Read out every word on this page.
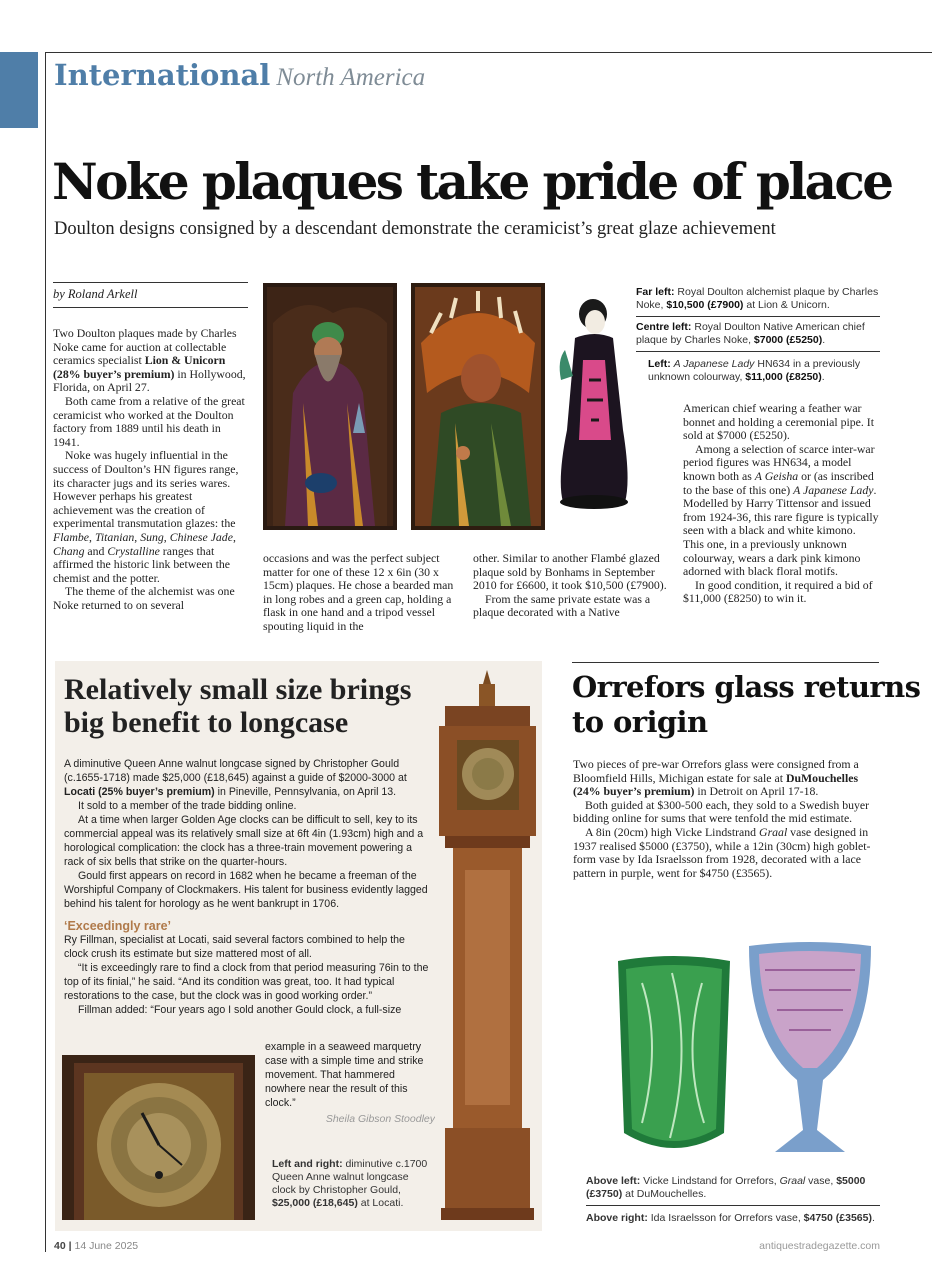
International North America
Noke plaques take pride of place
Doulton designs consigned by a descendant demonstrate the ceramicist’s great glaze achievement
by Roland Arkell

Two Doulton plaques made by Charles Noke came for auction at collectable ceramics specialist Lion & Unicorn (28% buyer’s premium) in Hollywood, Florida, on April 27.

Both came from a relative of the great ceramicist who worked at the Doulton factory from 1889 until his death in 1941.

Noke was hugely influential in the success of Doulton’s HN figures range, its character jugs and its series wares. However perhaps his greatest achievement was the creation of experimental transmutation glazes: the Flambe, Titanian, Sung, Chinese Jade, Chang and Crystalline ranges that affirmed the historic link between the chemist and the potter.

The theme of the alchemist was one Noke returned to on several

occasions and was the perfect subject matter for one of these 12 x 6in (30 x 15cm) plaques. He chose a bearded man in long robes and a green cap, holding a flask in one hand and a tripod vessel spouting liquid in the

other. Similar to another Flambé glazed plaque sold by Bonhams in September 2010 for £6600, it took $10,500 (£7900).

From the same private estate was a plaque decorated with a Native

American chief wearing a feather war bonnet and holding a ceremonial pipe. It sold at $7000 (£5250).

Among a selection of scarce inter-war period figures was HN634, a model known both as A Geisha or (as inscribed to the base of this one) A Japanese Lady. Modelled by Harry Tittensor and issued from 1924-36, this rare figure is typically seen with a black and white kimono. This one, in a previously unknown colourway, wears a dark pink kimono adorned with black floral motifs.

In good condition, it required a bid of $11,000 (£8250) to win it.

Far left: Royal Doulton alchemist plaque by Charles Noke, $10,500 (£7900) at Lion & Unicorn.
Centre left: Royal Doulton Native American chief plaque by Charles Noke, $7000 (£5250).
Left: A Japanese Lady HN634 in a previously unknown colourway, $11,000 (£8250).
Relatively small size brings big benefit to longcase

A diminutive Queen Anne walnut longcase signed by Christopher Gould (c.1655-1718) made $25,000 (£18,645) against a guide of $2000-3000 at Locati (25% buyer’s premium) in Pineville, Pennsylvania, on April 13.

It sold to a member of the trade bidding online.

At a time when larger Golden Age clocks can be difficult to sell, key to its commercial appeal was its relatively small size at 6ft 4in (1.93cm) high and a horological complication: the clock has a three-train movement powering a rack of six bells that strike on the quarter-hours.

Gould first appears on record in 1682 when he became a freeman of the Worshipful Company of Clockmakers. His talent for business evidently lagged behind his talent for horology as he went bankrupt in 1706.

‘Exceedingly rare’

Ry Fillman, specialist at Locati, said several factors combined to help the clock crush its estimate but size mattered most of all.

“It is exceedingly rare to find a clock from that period measuring 76in to the top of its finial,” he said. “And its condition was great, too. It had typical restorations to the case, but the clock was in good working order.”

Fillman added: “Four years ago I sold another Gould clock, a full-size

example in a seaweed marquetry case with a simple time and strike movement. That hammered nowhere near the result of this clock.”

Sheila Gibson Stoodley
Left and right: diminutive c.1700 Queen Anne walnut longcase clock by Christopher Gould, $25,000 (£18,645) at Locati.
Orrefors glass returns to origin

Two pieces of pre-war Orrefors glass were consigned from a Bloomfield Hills, Michigan estate for sale at DuMouchelles (24% buyer’s premium) in Detroit on April 17-18.

Both guided at $300-500 each, they sold to a Swedish buyer bidding online for sums that were tenfold the mid estimate.

A 8in (20cm) high Vicke Lindstrand Graal vase designed in 1937 realised $5000 (£3750), while a 12in (30cm) high goblet-form vase by Ida Israelsson from 1928, decorated with a lace pattern in purple, went for $4750 (£3565).

Above left: Vicke Lindstand for Orrefors, Graal vase, $5000 (£3750) at DuMouchelles.
Above right: Ida Israelsson for Orrefors vase, $4750 (£3565).
40 | 14 June 2025	antiquestradegazette.com
